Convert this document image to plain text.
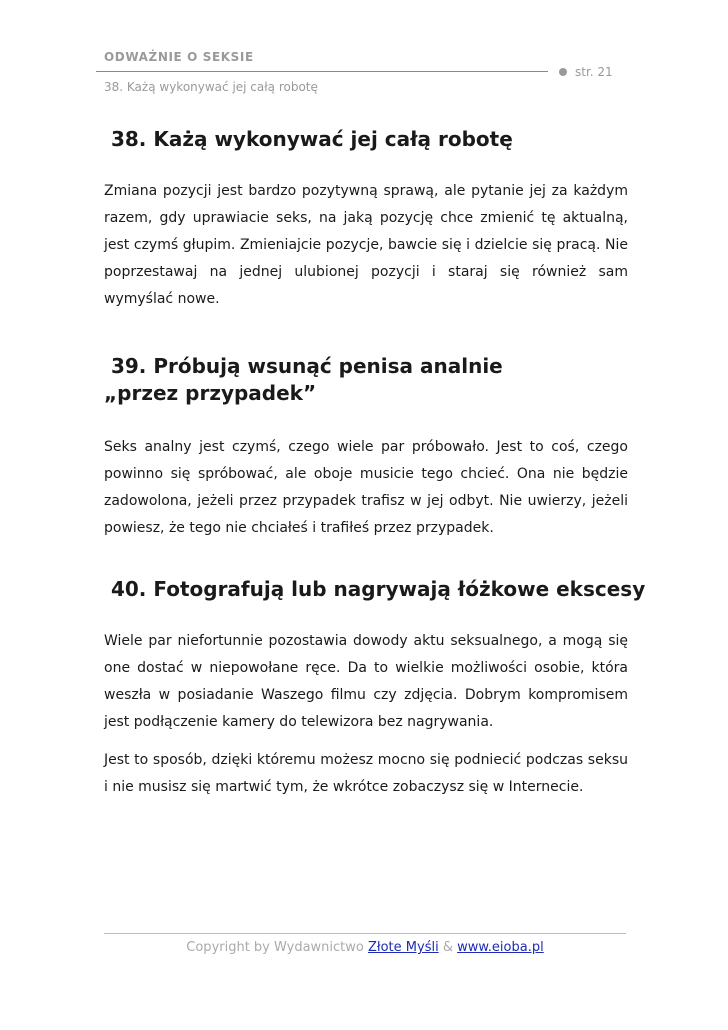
ODWAŻNIE O SEKSIE
str. 21
38. Każą wykonywać jej całą robotę
38. Każą wykonywać jej całą robotę

Zmiana pozycji jest bardzo pozytywną sprawą, ale pytanie jej za każdym razem, gdy uprawiacie seks, na jaką pozycję chce zmienić tę aktualną, jest czymś głupim. Zmieniajcie pozycje, bawcie się i dzielcie się pracą. Nie poprzestawaj na jednej ulubionej pozycji i staraj się również sam wymyślać nowe.

39. Próbują wsunąć penisa analnie
„przez przypadek”

Seks analny jest czymś, czego wiele par próbowało. Jest to coś, czego powinno się spróbować, ale oboje musicie tego chcieć. Ona nie będzie zadowolona, jeżeli przez przypadek trafisz w jej odbyt. Nie uwierzy, jeżeli powiesz, że tego nie chciałeś i trafiłeś przez przypadek.

40. Fotografują lub nagrywają łóżkowe ekscesy

Wiele par niefortunnie pozostawia dowody aktu seksualnego, a mogą się one dostać w niepowołane ręce. Da to wielkie możliwości osobie, która weszła w posiadanie Waszego filmu czy zdjęcia. Dobrym kompromisem jest podłączenie kamery do telewizora bez nagrywania.

Jest to sposób, dzięki któremu możesz mocno się podniecić podczas seksu i nie musisz się martwić tym, że wkrótce zobaczysz się w Internecie.

Copyright by Wydawnictwo Złote Myśli & www.eioba.pl
